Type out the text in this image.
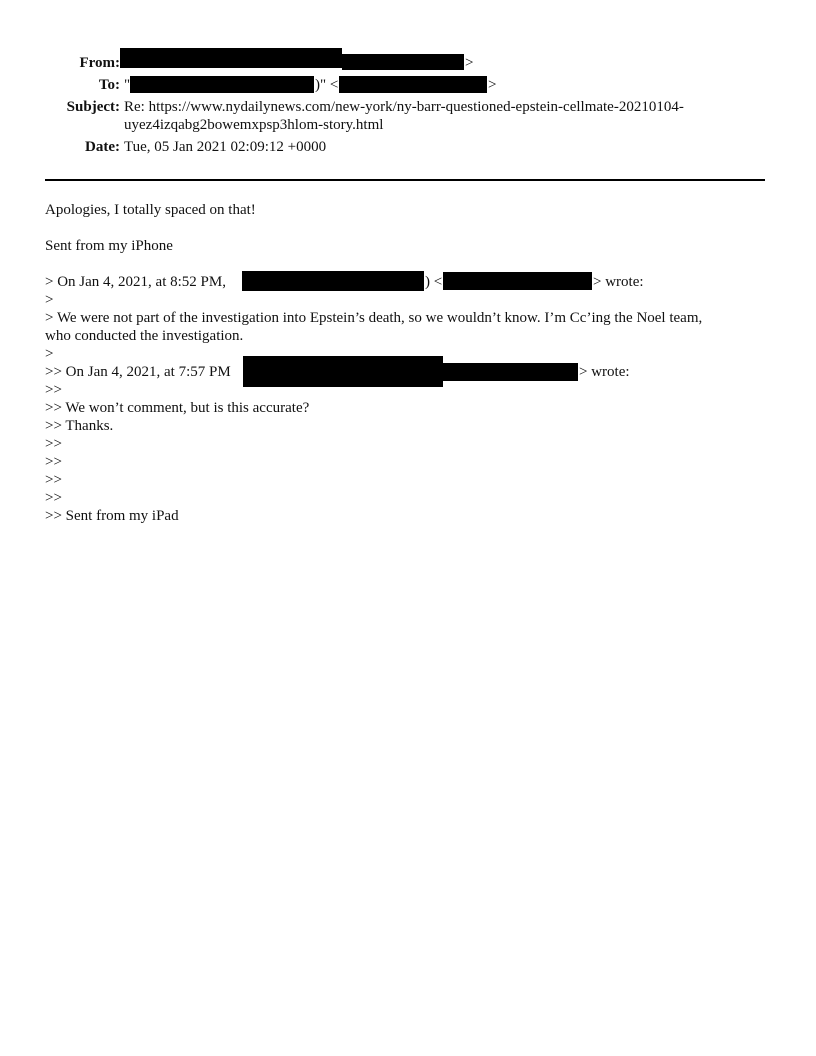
From:	>
To: "	)" <	>
Subject: Re: https://www.nydailynews.com/new-york/ny-barr-questioned-epstein-cellmate-20210104-
uyez4izqabg2bowemxpsp3hlom-story.html
Date: Tue, 05 Jan 2021 02:09:12 +0000
Apologies, I totally spaced on that!
Sent from my iPhone
> On Jan 4, 2021, at 8:52 PM,	) <	> wrote:
>
> We were not part of the investigation into Epstein’s death, so we wouldn’t know. I’m Cc’ing the Noel team,
who conducted the investigation.
>
>> On Jan 4, 2021, at 7:57 PM	> wrote:
>>
>> We won’t comment, but is this accurate?
>> Thanks.
>>
>>
>>
>>
>> Sent from my iPad
